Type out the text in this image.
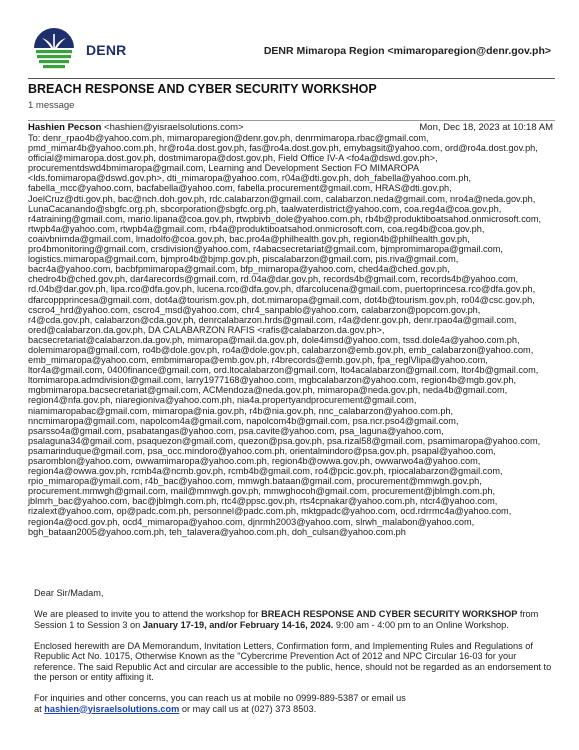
DENR	DENR Mimaropa Region <mimaroparegion@denr.gov.ph>
BREACH RESPONSE AND CYBER SECURITY WORKSHOP
1 message
Hashien Pecson <hashien@yisraelsolutions.com>	Mon, Dec 18, 2023 at 10:18 AM
To: denr_rpao4b@yahoo.com.ph, mimaroparegion@denr.gov.ph, denrmimaropa.rbac@gmail.com,
pmd_mimar4b@yahoo.com.ph, hr@ro4a.dost.gov.ph, fas@ro4a.dost.gov.ph, emybagsit@yahoo.com, ord@ro4a.dost.gov.ph,
official@mimaropa.dost.gov.ph, dostmimaropa@dost.gov.ph, Field Office IV-A <fo4a@dswd.gov.ph>,
procurementdswd4bmimaropa@gmail.com, Learning and Development Section FO MIMAROPA
<lds.fomimaropa@dswd.gov.ph>, dti_mimaropa@yahoo.com, r04a@dti.gov.ph, doh_fabella@yahoo.com.ph,
fabella_mcc@yahoo.com, bacfabella@yahoo.com, fabella.procurement@gmail.com, HRAS@dti.gov.ph,
JoelCruz@dti.gov.ph, bac@nch.doh.gov.ph, rdc.calabarzon@gmail.com, calabarzon.neda@gmail.com, nro4a@neda.gov.ph,
LunaCacanando@sbgfc.org.ph, sbcorporation@sbgfc.org.ph, taalwaterdistrict@yahoo.com, coa.reg4a@coa.gov.ph,
r4atraining@gmail.com, mario.lipana@coa.gov.ph, rtwpbivb_dole@yahoo.com.ph, rb4b@produktiboatsahod.onmicrosoft.com,
rtwpb4a@yahoo.com, rtwpb4a@gmail.com, rb4a@produktiboatsahod.onmicrosoft.com, coa.reg4b@coa.gov.ph,
coaivbnimda@gmail.com, lmadolfo@coa.gov.ph, bac.pro4a@philhealth.gov.ph, region4b@philhealth.gov.ph,
pro4bmonitoring@gmail.com, crsdivision@yahoo.com, r4abacsecretariat@gmail.com, bjmpromimaropa@gmail.com,
logistics.mimaropa@gmail.com, bjmpro4b@bjmp.gov.ph, piscalabarzon@gmail.com, pis.riva@gmail.com,
bacr4a@yahoo.com, bacbfpmimaropa@gmail.com, bfp_mimaropa@yahoo.com, ched4a@ched.gov.ph,
chedro4b@ched.gov.ph, dar4arecords@gmail.com, rd.04a@dar.gov.ph, records4b@gmail.com, records4b@yahoo.com,
rd.04b@dar.gov.ph, lipa.rco@dfa.gov.ph, lucena.rco@dfa.gov.ph, dfarcolucena@gmail.com, puertoprincesa.rco@dfa.gov.ph,
dfarcoppprincesa@gmail.com, dot4a@tourism.gov.ph, dot.mimaropa@gmail.com, dot4b@tourism.gov.ph, ro04@csc.gov.ph,
cscro4_hrd@yahoo.com, cscro4_msd@yahoo.com, chr4_sanpablo@yahoo.com, calabarzon@popcom.gov.ph,
r4@cda.gov.ph, calabarzon@cda.gov.ph, denrcalabarzon.hrds@gmail.com, r4a@denr.gov.ph, denr.rpao4a@gmail.com,
ored@calabarzon.da.gov.ph, DA CALABARZON RAFIS <rafis@calabarzon.da.gov.ph>,
bacsecretariat@calabarzon.da.gov.ph, mimaropa@mail.da.gov.ph, dole4imsd@yahoo.com, tssd.dole4a@yahoo.com.ph,
dolemimaropa@gmail.com, ro4b@dole.gov.ph, ro4a@dole.gov.ph, calabarzon@emb.gov.ph, emb_calabarzon@yahoo.com,
emb_mimaropa@yahoo.com, embmimaropa@emb.gov.ph, r4brecords@emb.gov.ph, fpa_reglVlipa@yahoo.com,
ltor4a@gmail.com, 0400finance@gmail.com, ord.ltocalabarzon@gmail.com, lto4acalabarzon@gmail.com, ltor4b@gmail.com,
ltomimaropa.admdivision@gmail.com, larry1977168@yahoo.com, mgbcalabarzon@yahoo.com, region4b@mgb.gov.ph,
mgbmimaropa.bacsecretariat@gmail.com, ACMendoza@neda.gov.ph, mimaropa@neda.gov.ph, neda4b@gmail.com,
region4@nfa.gov.ph, niaregioniva@yahoo.com.ph, nia4a.propertyandprocurement@gmail.com,
niamimaropabac@gmail.com, mimaropa@nia.gov.ph, r4b@nia.gov.ph, nnc_calabarzon@yahoo.com.ph,
nncmimaropa@gmail.com, napolcom4a@gmail.com, napolcom4b@gmail.com, psa.ncr.pso4@gmail.com,
psarsso4a@gmail.com, psabatangas@yahoo.com, psa.cavite@yahoo.com, psa_laguna@yahoo.com,
psalaguna34@gmail.com, psaquezon@gmail.com, quezon@psa.gov.ph, psa.rizal58@gmail.com, psamimaropa@yahoo.com,
psamarinduque@gmail.com, psa_occ.mindoro@yahoo.com.ph, orientalmindoro@psa.gov.ph, psapal@yahoo.com,
psaromblon@yahoo.com, owwamimaropa@yahoo.com.ph, region4b@owwa.gov.ph, owwarwo4a@yahoo.com,
region4a@owwa.gov.ph, rcmb4a@ncmb.gov.ph, rcmb4b@gmail.com, ro4@pcic.gov.ph, rpiocalabarzon@gmail.com,
rpio_mimaropa@ymail.com, r4b_bac@yahoo.com, mmwgh.bataan@gmail.com, procurement@mmwgh.gov.ph,
procurement.mmwgh@gmail.com, mail@mmwgh.gov.ph, mmwghocoh@gmail.com, procurement@jblmgh.com.ph,
jblmrh_bac@yahoo.com, bac@jblmgh.com.ph, rtc4@ppsc.gov.ph, rts4cpnakar@yahoo.com.ph, ntcr4@yahoo.com,
rizalext@yahoo.com, op@padc.com.ph, personnel@padc.com.ph, mktgpadc@yahoo.com, ocd.rdrrmc4a@yahoo.com,
region4a@ocd.gov.ph, ocd4_mimaropa@yahoo.com, djnrmh2003@yahoo.com, slrwh_malabon@yahoo.com,
bgh_bataan2005@yahoo.com.ph, teh_talavera@yahoo.com.ph, doh_culsan@yahoo.com.ph
Dear Sir/Madam,
We are pleased to invite you to attend the workshop for BREACH RESPONSE AND CYBER SECURITY WORKSHOP from Session 1 to Session 3 on January 17-19, and/or February 14-16, 2024. 9:00 am - 4:00 pm to an Online Workshop.
Enclosed herewith are DA Memorandum, Invitation Letters, Confirmation form, and Implementing Rules and Regulations of Republic Act No. 10175, Otherwise Known as the "Cybercrime Prevention Act of 2012 and NPC Circular 16-03 for your reference. The said Republic Act and circular are accessible to the public, hence, should not be regarded as an endorsement to the person or entity affixing it.
For inquiries and other concerns, you can reach us at mobile no 0999-889-5387 or email us
at hashien@yisraelsolutions.com or may call us at (027) 373 8503.
